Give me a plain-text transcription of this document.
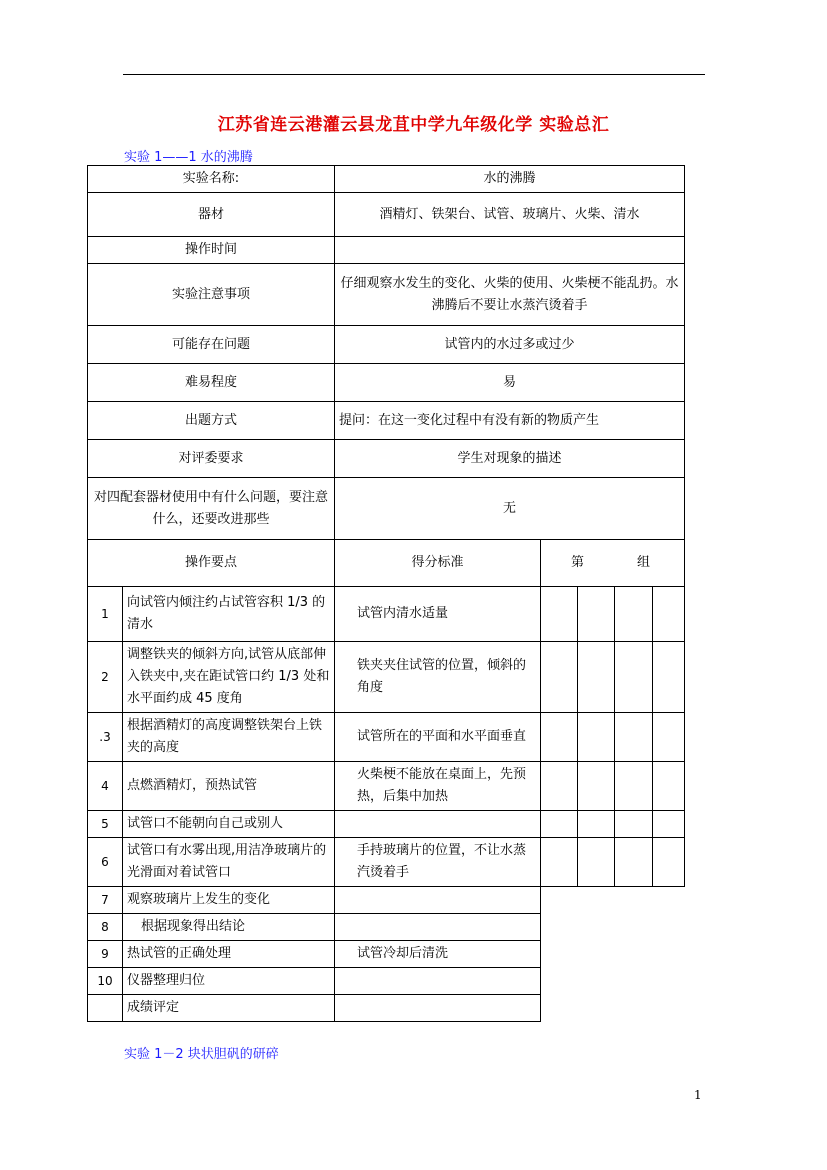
江苏省连云港灌云县龙苴中学九年级化学 实验总汇
实验 1——1 水的沸腾
实验名称:		水的沸腾				
器材		酒精灯、铁架台、试管、玻璃片、火柴、清水				
操作时间						
实验注意事项		仔细观察水发生的变化、火柴的使用、火柴梗不能乱扔。水沸腾后不要让水蒸汽烫着手				
可能存在问题		试管内的水过多或过少				
难易程度		易				
出题方式		提问：在这一变化过程中有没有新的物质产生				
对评委要求		学生对现象的描述				
对四配套器材使用中有什么问题，要注意什么，还要改进那些		无				
操作要点		得分标准	第 组			

1	向试管内倾注约占试管容积 1/3 的清水	试管内清水适量				
2	调整铁夹的倾斜方向,试管从底部伸入铁夹中,夹在距试管口约 1/3 处和水平面约成 45 度角	铁夹夹住试管的位置，倾斜的角度				
.3	根据酒精灯的高度调整铁架台上铁夹的高度	试管所在的平面和水平面垂直				
4	点燃酒精灯，预热试管	火柴梗不能放在桌面上，先预热，后集中加热				
5	试管口不能朝向自己或别人					
6	试管口有水雾出现,用洁净玻璃片的光滑面对着试管口	手持玻璃片的位置，不让水蒸汽烫着手				
7	观察玻璃片上发生的变化					
8	根据现象得出结论					
9	热试管的正确处理	试管冷却后清洗				
10	仪器整理归位					
	成绩评定					
实验 1－2 块状胆矾的研碎
1
